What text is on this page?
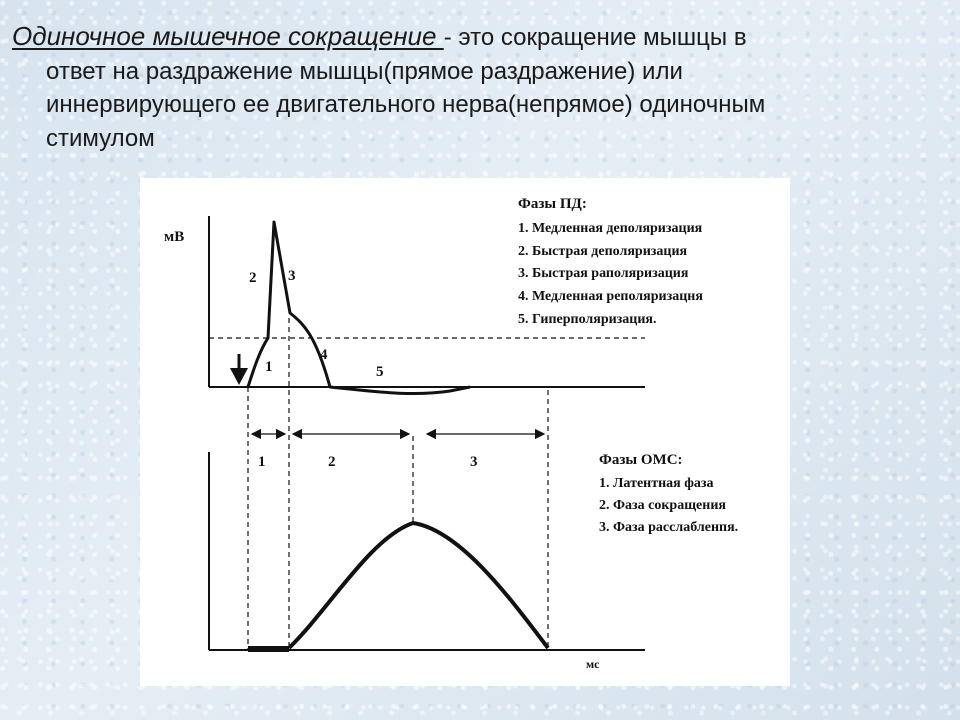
Одиночное мышечное сокращение - это сокращение мышцы в
ответ на раздражение мышцы(прямое раздражение) или
иннервирующего ее двигательного нерва(непрямое) одиночным
стимулом

мВ
1
2 3
4
5
1	2	3
мс
Фазы ПД:
1. Медленная деполяризация
2. Быстрая деполяризация
3. Быстрая раполяризация
4. Медленная реполяризацня
5. Гиперполяризация.
Фазы ОМС:
1. Латентная фаза
2. Фаза сокращения
3. Фаза расслабленпя.
